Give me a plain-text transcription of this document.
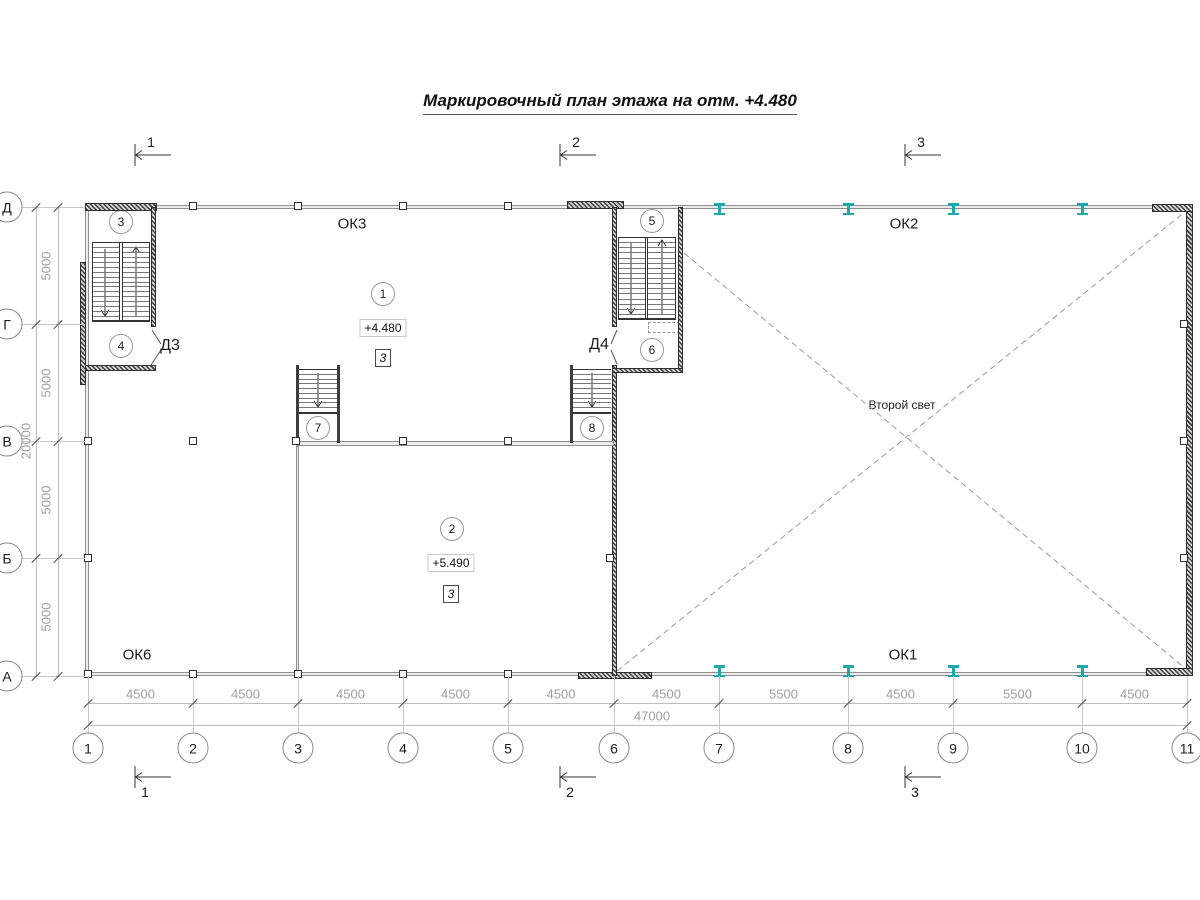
Маркировочный план этажа на отм. +4.480
ОК3	ОК2
ОК6	ОК1
Д3	Д4
Второй свет
1
+4.480
3
2
+5.490
3
3
4
5
6
7	8
1	2	3	4	5	6	7	8	9	10	11
4500	4500	4500	4500	4500	4500	5500	4500	5500	4500
47000
Д
Г
В
Б
А
5000
5000
5000
5000
20000
1
1
2
2
3
3
